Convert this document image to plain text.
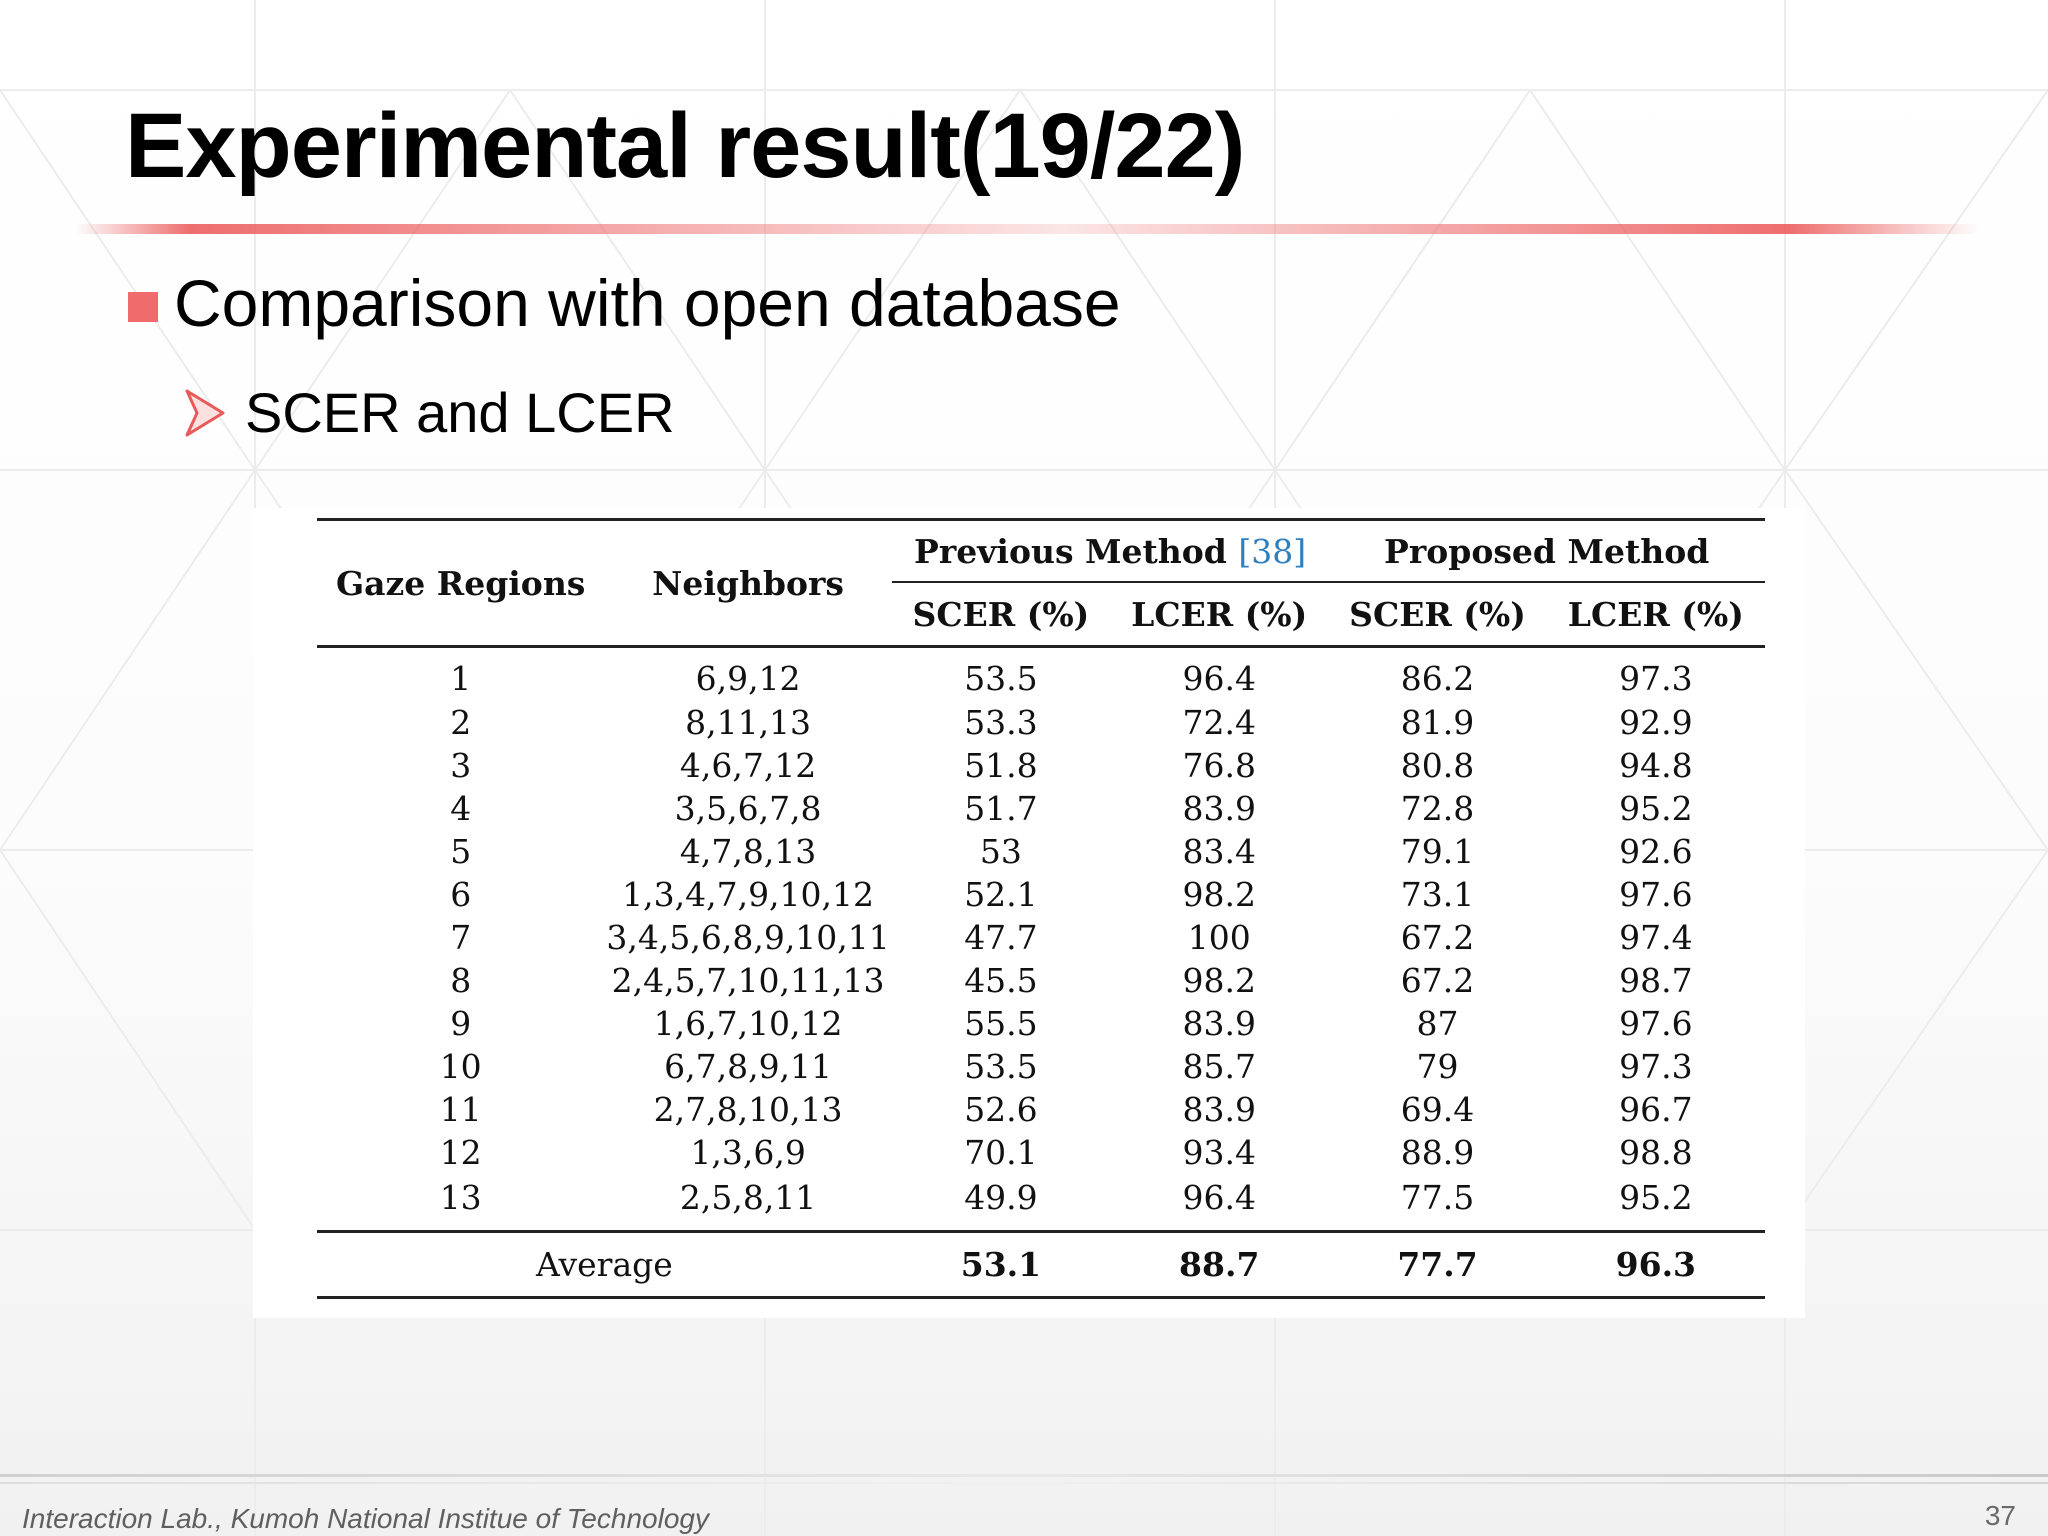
Experimental result(19/22)
Comparison with open database
SCER and LCER
Gaze Regions	Neighbors	Previous Method [38]		Proposed Method	
		SCER (%)	LCER (%)	SCER (%)	LCER (%)
1	6,9,12	53.5	96.4	86.2	97.3
2	8,11,13	53.3	72.4	81.9	92.9
3	4,6,7,12	51.8	76.8	80.8	94.8
4	3,5,6,7,8	51.7	83.9	72.8	95.2
5	4,7,8,13	53	83.4	79.1	92.6
6	1,3,4,7,9,10,12	52.1	98.2	73.1	97.6
7	3,4,5,6,8,9,10,11	47.7	100	67.2	97.4
8	2,4,5,7,10,11,13	45.5	98.2	67.2	98.7
9	1,6,7,10,12	55.5	83.9	87	97.6
10	6,7,8,9,11	53.5	85.7	79	97.3
11	2,7,8,10,13	52.6	83.9	69.4	96.7
12	1,3,6,9	70.1	93.4	88.9	98.8
13	2,5,8,11	49.9	96.4	77.5	95.2
Average		53.1	88.7	77.7	96.3
Interaction Lab., Kumoh National Institue of Technology	37
